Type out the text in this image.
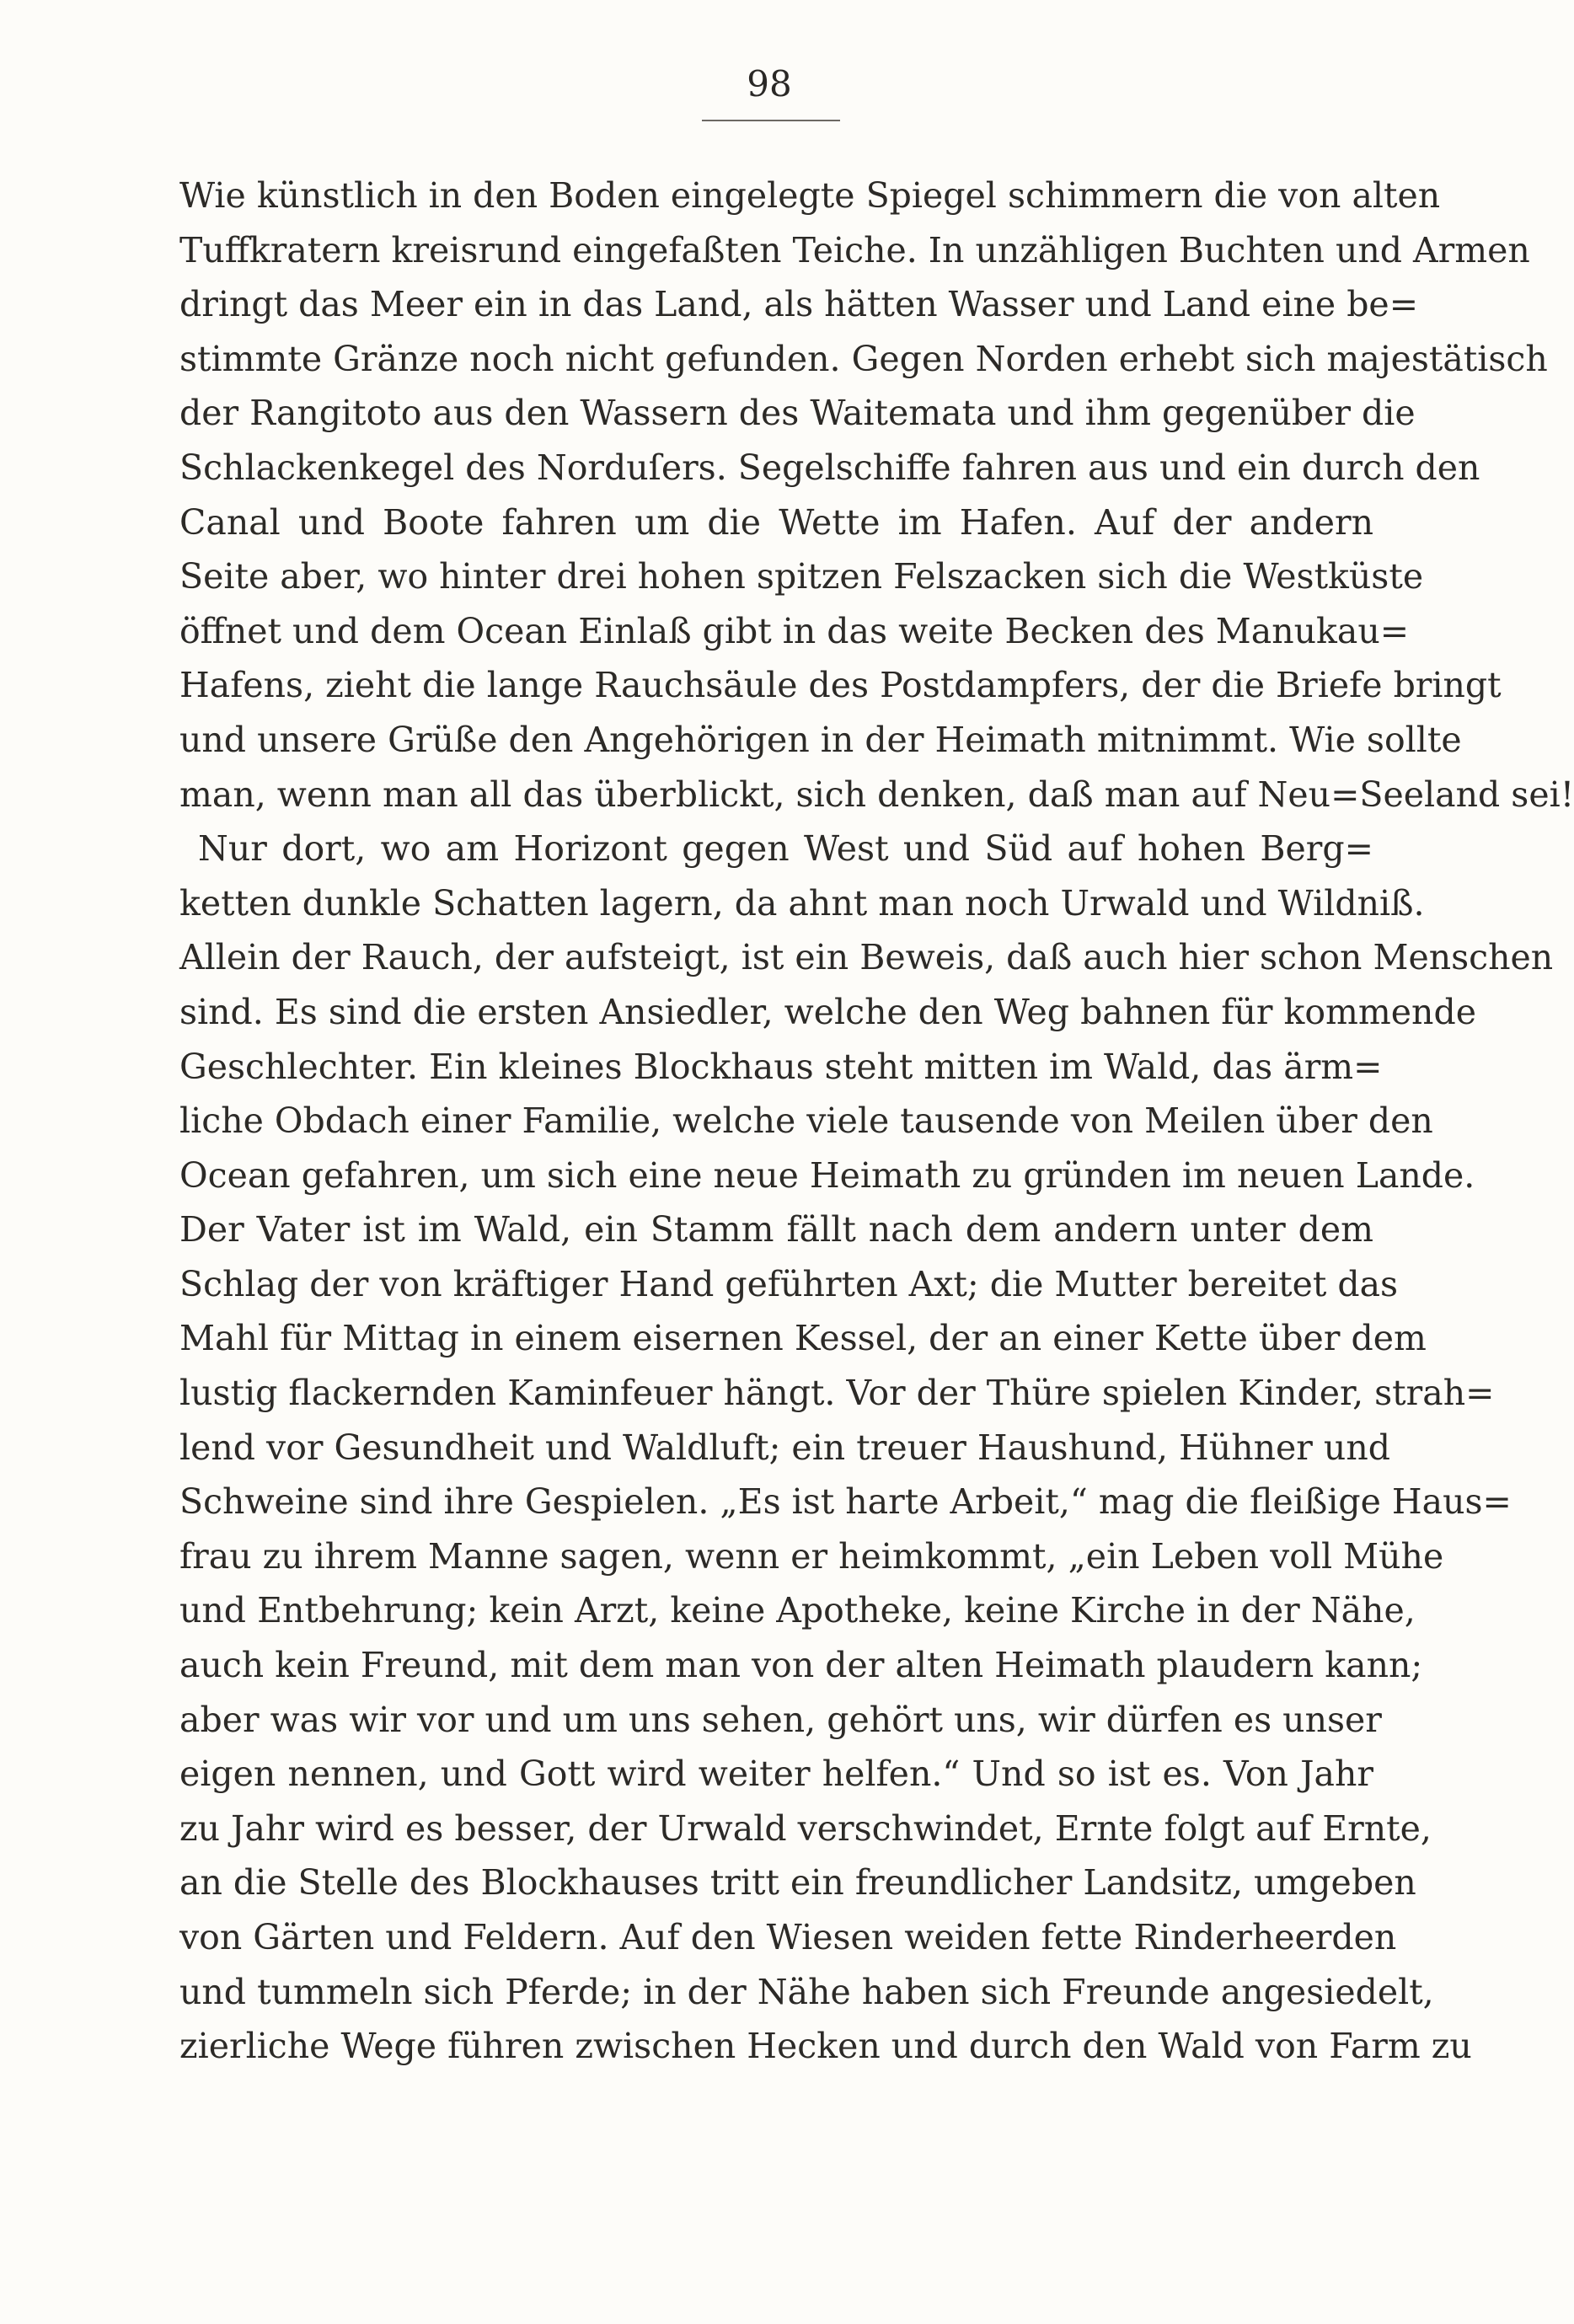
98
Wie künstlich in den Boden eingelegte Spiegel schimmern die von alten
Tuffkratern kreisrund eingefaßten Teiche. In unzähligen Buchten und Armen
dringt das Meer ein in das Land, als hätten Wasser und Land eine be=
stimmte Gränze noch nicht gefunden. Gegen Norden erhebt sich majestätisch
der Rangitoto aus den Wassern des Waitemata und ihm gegenüber die
Schlackenkegel des Norduſers. Segelschiffe fahren aus und ein durch den
Canal und Boote fahren um die Wette im Hafen. Auf der andern
Seite aber, wo hinter drei hohen spitzen Felszacken sich die Westküste
öffnet und dem Ocean Einlaß gibt in das weite Becken des Manukau=
Hafens, zieht die lange Rauchsäule des Postdampfers, der die Briefe bringt
und unsere Grüße den Angehörigen in der Heimath mitnimmt. Wie sollte
man, wenn man all das überblickt, sich denken, daß man auf Neu=Seeland sei!
Nur dort, wo am Horizont gegen West und Süd auf hohen Berg=
ketten dunkle Schatten lagern, da ahnt man noch Urwald und Wildniß.
Allein der Rauch, der aufsteigt, ist ein Beweis, daß auch hier schon Menschen
sind. Es sind die ersten Ansiedler, welche den Weg bahnen für kommende
Geschlechter. Ein kleines Blockhaus steht mitten im Wald, das ärm=
liche Obdach einer Familie, welche viele tausende von Meilen über den
Ocean gefahren, um sich eine neue Heimath zu gründen im neuen Lande.
Der Vater ist im Wald, ein Stamm fällt nach dem andern unter dem
Schlag der von kräftiger Hand geführten Axt; die Mutter bereitet das
Mahl für Mittag in einem eisernen Kessel, der an einer Kette über dem
lustig flackernden Kaminfeuer hängt. Vor der Thüre spielen Kinder, strah=
lend vor Gesundheit und Waldluft; ein treuer Haushund, Hühner und
Schweine sind ihre Gespielen. „Es ist harte Arbeit,“ mag die fleißige Haus=
frau zu ihrem Manne sagen, wenn er heimkommt, „ein Leben voll Mühe
und Entbehrung; kein Arzt, keine Apotheke, keine Kirche in der Nähe,
auch kein Freund, mit dem man von der alten Heimath plaudern kann;
aber was wir vor und um uns sehen, gehört uns, wir dürfen es unser
eigen nennen, und Gott wird weiter helfen.“ Und so ist es. Von Jahr
zu Jahr wird es besser, der Urwald verschwindet, Ernte folgt auf Ernte,
an die Stelle des Blockhauses tritt ein freundlicher Landsitz, umgeben
von Gärten und Feldern. Auf den Wiesen weiden fette Rinderheerden
und tummeln sich Pferde; in der Nähe haben sich Freunde angesiedelt,
zierliche Wege führen zwischen Hecken und durch den Wald von Farm zu
